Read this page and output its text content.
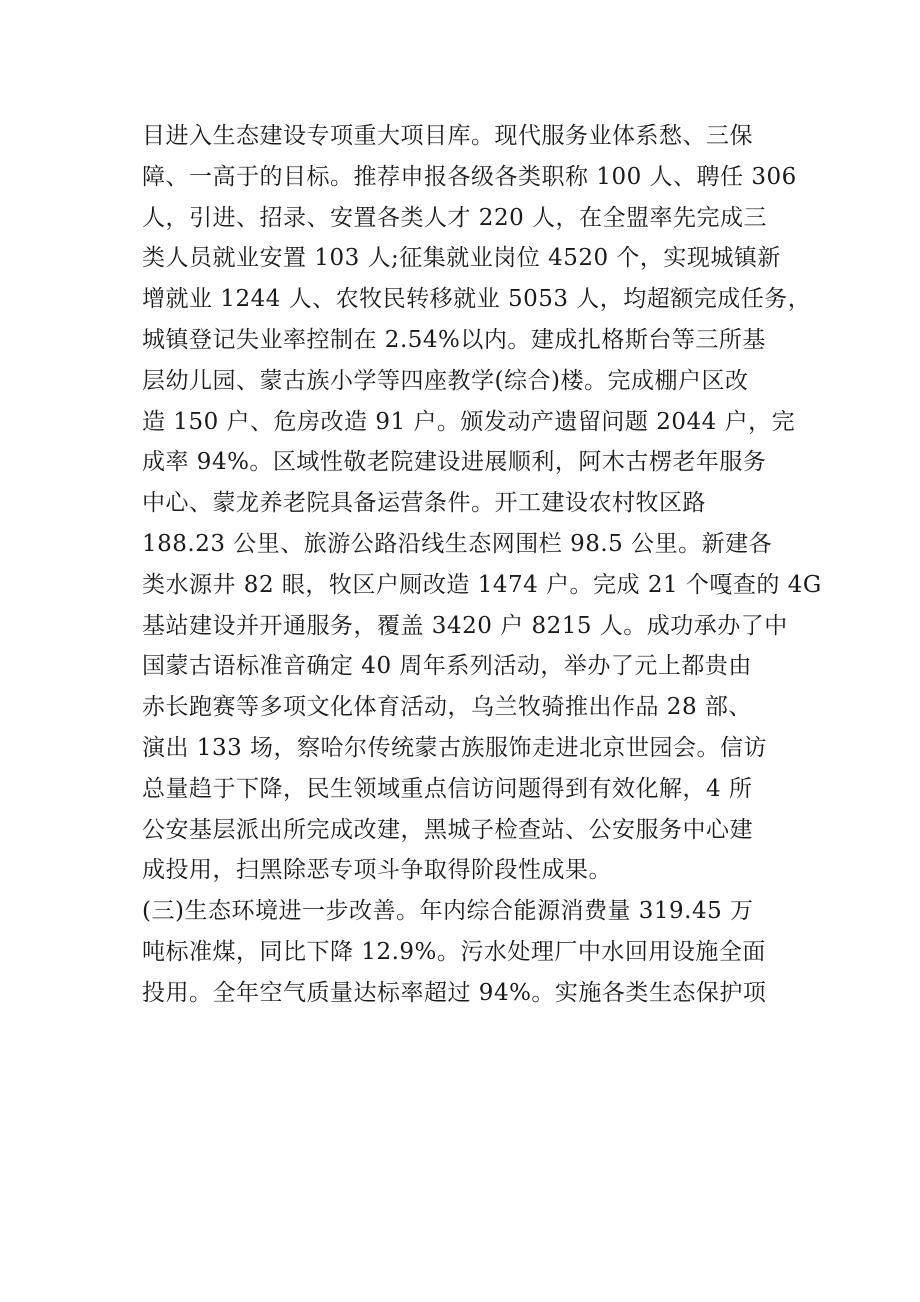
目进入生态建设专项重大项目库。现代服务业体系愁、三保
障、一高于的目标。推荐申报各级各类职称 100 人、聘任 306
人，引进、招录、安置各类人才 220 人，在全盟率先完成三
类人员就业安置 103 人;征集就业岗位 4520 个，实现城镇新
增就业 1244 人、农牧民转移就业 5053 人，均超额完成任务，
城镇登记失业率控制在 2.54%以内。建成扎格斯台等三所基
层幼儿园、蒙古族小学等四座教学(综合)楼。完成棚户区改
造 150 户、危房改造 91 户。颁发动产遗留问题 2044 户，完
成率 94%。区域性敬老院建设进展顺利，阿木古楞老年服务
中心、蒙龙养老院具备运营条件。开工建设农村牧区路
188.23 公里、旅游公路沿线生态网围栏 98.5 公里。新建各
类水源井 82 眼，牧区户厕改造 1474 户。完成 21 个嘎查的 4G
基站建设并开通服务，覆盖 3420 户 8215 人。成功承办了中
国蒙古语标准音确定 40 周年系列活动，举办了元上都贵由
赤长跑赛等多项文化体育活动，乌兰牧骑推出作品 28 部、
演出 133 场，察哈尔传统蒙古族服饰走进北京世园会。信访
总量趋于下降，民生领域重点信访问题得到有效化解，4 所
公安基层派出所完成改建，黑城子检查站、公安服务中心建
成投用，扫黑除恶专项斗争取得阶段性成果。
(三)生态环境进一步改善。年内综合能源消费量 319.45 万
吨标准煤，同比下降 12.9%。污水处理厂中水回用设施全面
投用。全年空气质量达标率超过 94%。实施各类生态保护项
